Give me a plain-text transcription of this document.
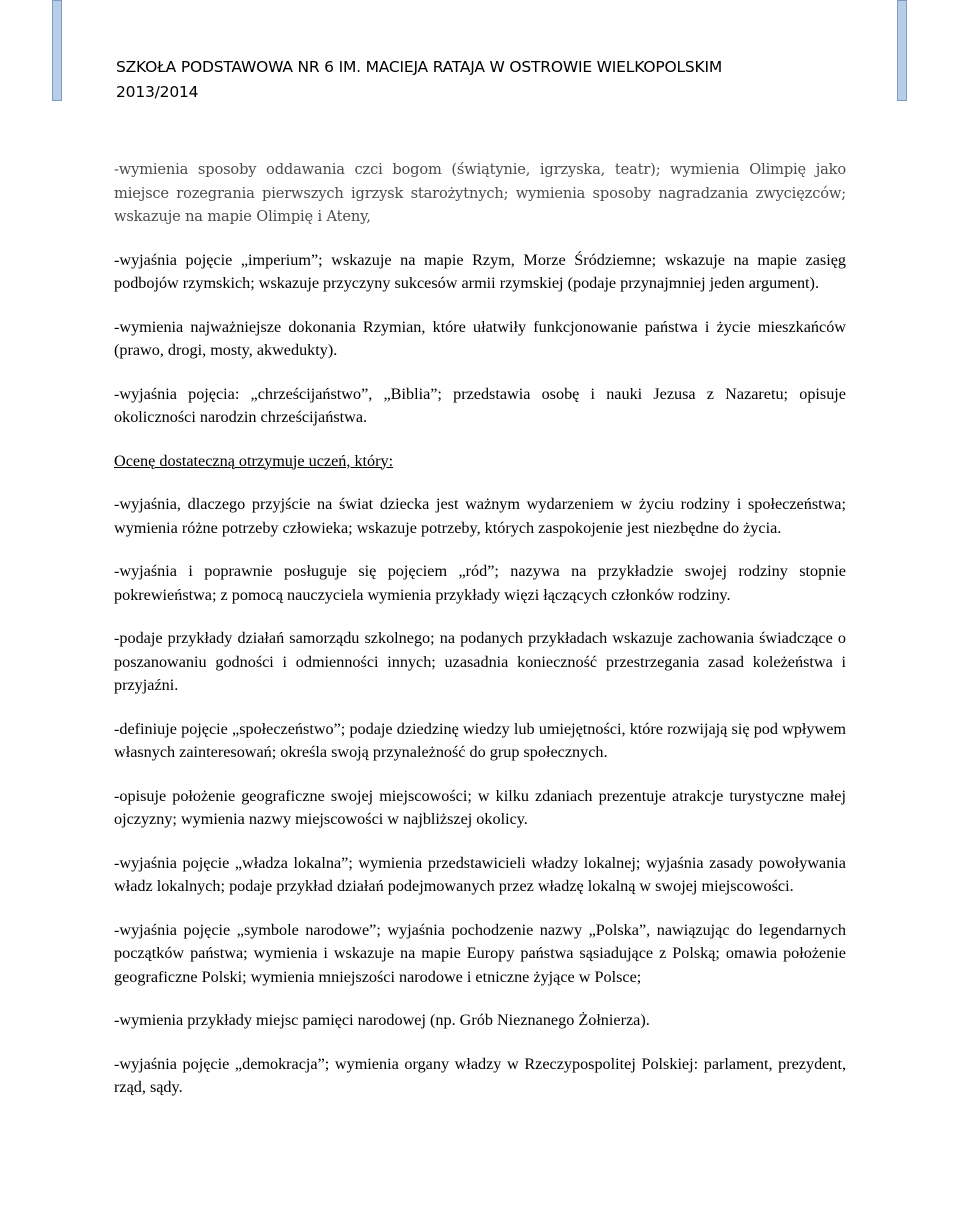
SZKOŁA PODSTAWOWA NR 6 IM. MACIEJA RATAJA W OSTROWIE WIELKOPOLSKIM
2013/2014

-wymienia sposoby oddawania czci bogom (świątynie, igrzyska, teatr); wymienia Olimpię jako miejsce rozegrania pierwszych igrzysk starożytnych; wymienia sposoby nagradzania zwycięzców; wskazuje na mapie Olimpię i Ateny,

-wyjaśnia pojęcie „imperium”; wskazuje na mapie Rzym, Morze Śródziemne; wskazuje na mapie zasięg podbojów rzymskich; wskazuje przyczyny sukcesów armii rzymskiej (podaje przynajmniej jeden argument).

-wymienia najważniejsze dokonania Rzymian, które ułatwiły funkcjonowanie państwa i życie mieszkańców (prawo, drogi, mosty, akwedukty).

-wyjaśnia pojęcia: „chrześcijaństwo”, „Biblia”; przedstawia osobę i nauki Jezusa z Nazaretu; opisuje okoliczności narodzin chrześcijaństwa.

Ocenę dostateczną otrzymuje uczeń, który:

-wyjaśnia, dlaczego przyjście na świat dziecka jest ważnym wydarzeniem w życiu rodziny i społeczeństwa; wymienia różne potrzeby człowieka; wskazuje potrzeby, których zaspokojenie jest niezbędne do życia.

-wyjaśnia i poprawnie posługuje się pojęciem „ród”; nazywa na przykładzie swojej rodziny stopnie pokrewieństwa; z pomocą nauczyciela wymienia przykłady więzi łączących członków rodziny.

-podaje przykłady działań samorządu szkolnego; na podanych przykładach wskazuje zachowania świadczące o poszanowaniu godności i odmienności innych; uzasadnia konieczność przestrzegania zasad koleżeństwa i przyjaźni.

-definiuje pojęcie „społeczeństwo”; podaje dziedzinę wiedzy lub umiejętności, które rozwijają się pod wpływem własnych zainteresowań; określa swoją przynależność do grup społecznych.

-opisuje położenie geograficzne swojej miejscowości; w kilku zdaniach prezentuje atrakcje turystyczne małej ojczyzny; wymienia nazwy miejscowości w najbliższej okolicy.

-wyjaśnia pojęcie „władza lokalna”; wymienia przedstawicieli władzy lokalnej; wyjaśnia zasady powoływania władz lokalnych; podaje przykład działań podejmowanych przez władzę lokalną w swojej miejscowości.

-wyjaśnia pojęcie „symbole narodowe”; wyjaśnia pochodzenie nazwy „Polska”, nawiązując do legendarnych początków państwa; wymienia i wskazuje na mapie Europy państwa sąsiadujące z Polską; omawia położenie geograficzne Polski; wymienia mniejszości narodowe i etniczne żyjące w Polsce;

-wymienia przykłady miejsc pamięci narodowej (np. Grób Nieznanego Żołnierza).

-wyjaśnia pojęcie „demokracja”; wymienia organy władzy w Rzeczypospolitej Polskiej: parlament, prezydent, rząd, sądy.
